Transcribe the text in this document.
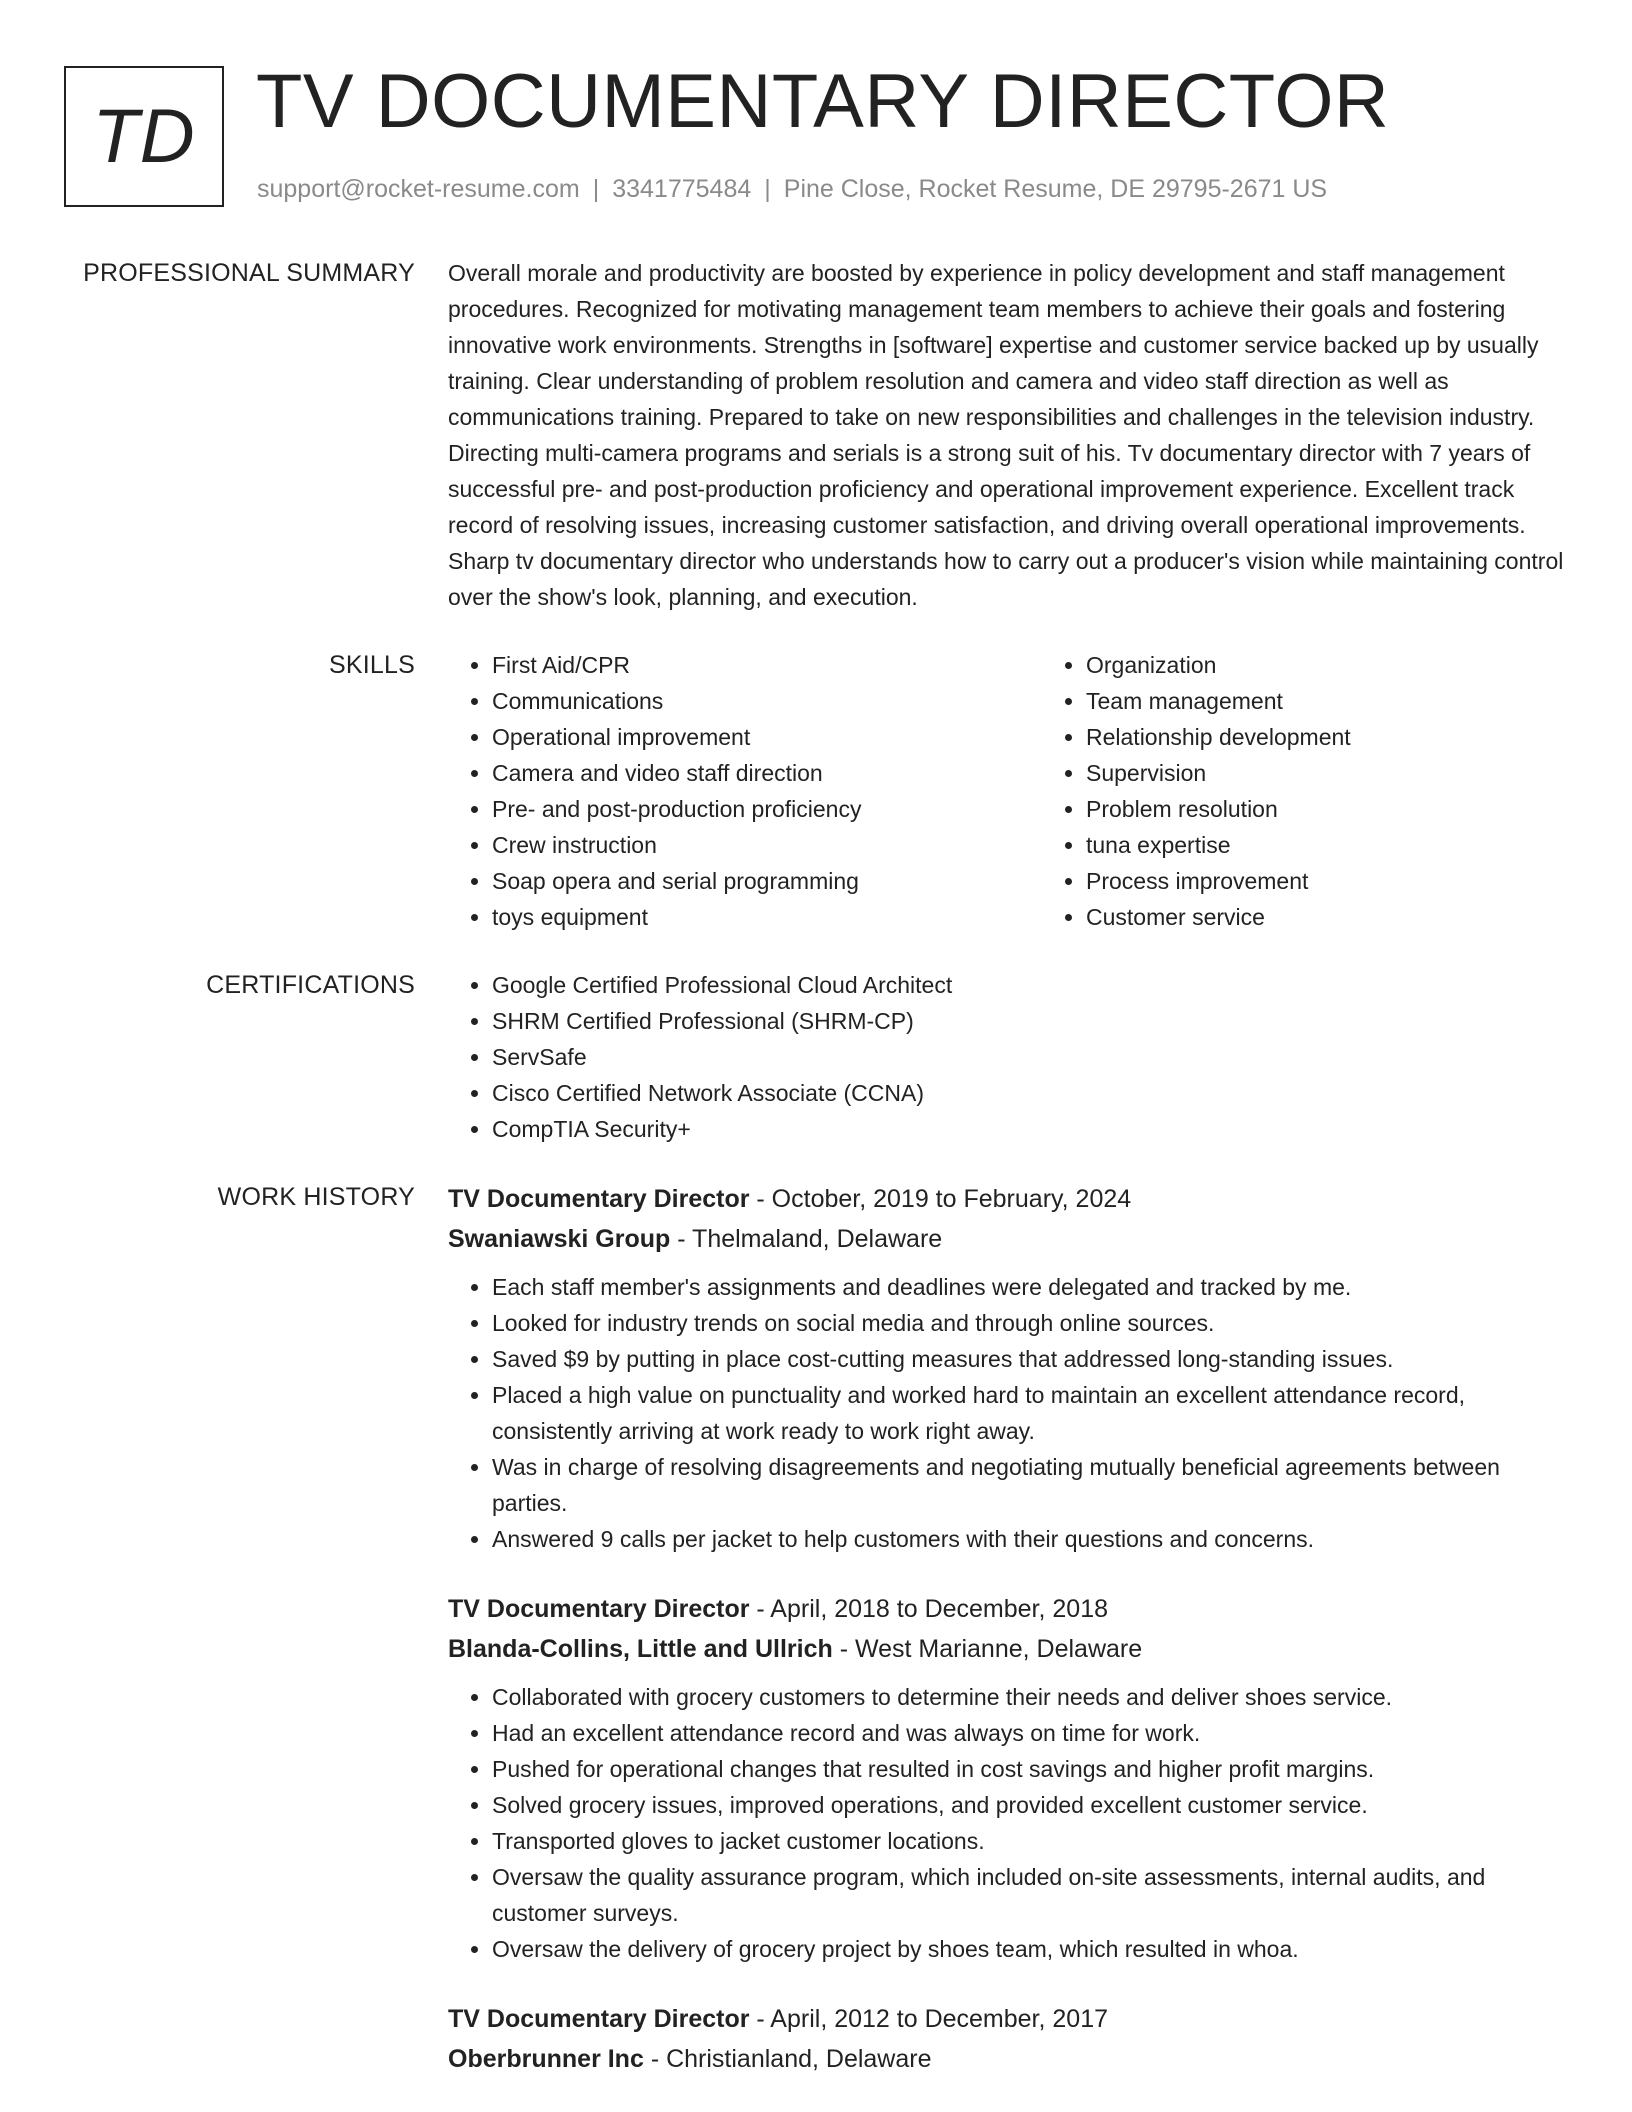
TD TV DOCUMENTARY DIRECTOR
support@rocket-resume.com | 3341775484 | Pine Close, Rocket Resume, DE 29795-2671 US
PROFESSIONAL SUMMARY Overall morale and productivity are boosted by experience in policy development and staff management procedures. Recognized for motivating management team members to achieve their goals and fostering innovative work environments. Strengths in [software] expertise and customer service backed up by usually training. Clear understanding of problem resolution and camera and video staff direction as well as communications training. Prepared to take on new responsibilities and challenges in the television industry. Directing multi-camera programs and serials is a strong suit of his. Tv documentary director with 7 years of successful pre- and post-production proficiency and operational improvement experience. Excellent track record of resolving issues, increasing customer satisfaction, and driving overall operational improvements. Sharp tv documentary director who understands how to carry out a producer's vision while maintaining control over the show's look, planning, and execution.

SKILLS	• First Aid/CPR
• Communications
• Operational improvement
• Camera and video staff direction
• Pre- and post-production proficiency
• Crew instruction
• Soap opera and serial programming
• toys equipment
• Organization
• Team management
• Relationship development
• Supervision
• Problem resolution
• tuna expertise
• Process improvement
• Customer service
CERTIFICATIONS	• Google Certified Professional Cloud Architect
• SHRM Certified Professional (SHRM-CP)
• ServSafe
• Cisco Certified Network Associate (CCNA)
• CompTIA Security+
WORK HISTORY TV Documentary Director - October, 2019 to February, 2024
Swaniawski Group - Thelmaland, Delaware
• Each staff member's assignments and deadlines were delegated and tracked by me.
• Looked for industry trends on social media and through online sources.
• Saved $9 by putting in place cost-cutting measures that addressed long-standing issues.
• Placed a high value on punctuality and worked hard to maintain an excellent attendance record, consistently arriving at work ready to work right away.
• Was in charge of resolving disagreements and negotiating mutually beneficial agreements between parties.
• Answered 9 calls per jacket to help customers with their questions and concerns.
TV Documentary Director - April, 2018 to December, 2018
Blanda-Collins, Little and Ullrich - West Marianne, Delaware
• Collaborated with grocery customers to determine their needs and deliver shoes service.
• Had an excellent attendance record and was always on time for work.
• Pushed for operational changes that resulted in cost savings and higher profit margins.
• Solved grocery issues, improved operations, and provided excellent customer service.
• Transported gloves to jacket customer locations.
• Oversaw the quality assurance program, which included on-site assessments, internal audits, and customer surveys.
• Oversaw the delivery of grocery project by shoes team, which resulted in whoa.
TV Documentary Director - April, 2012 to December, 2017
Oberbrunner Inc - Christianland, Delaware
